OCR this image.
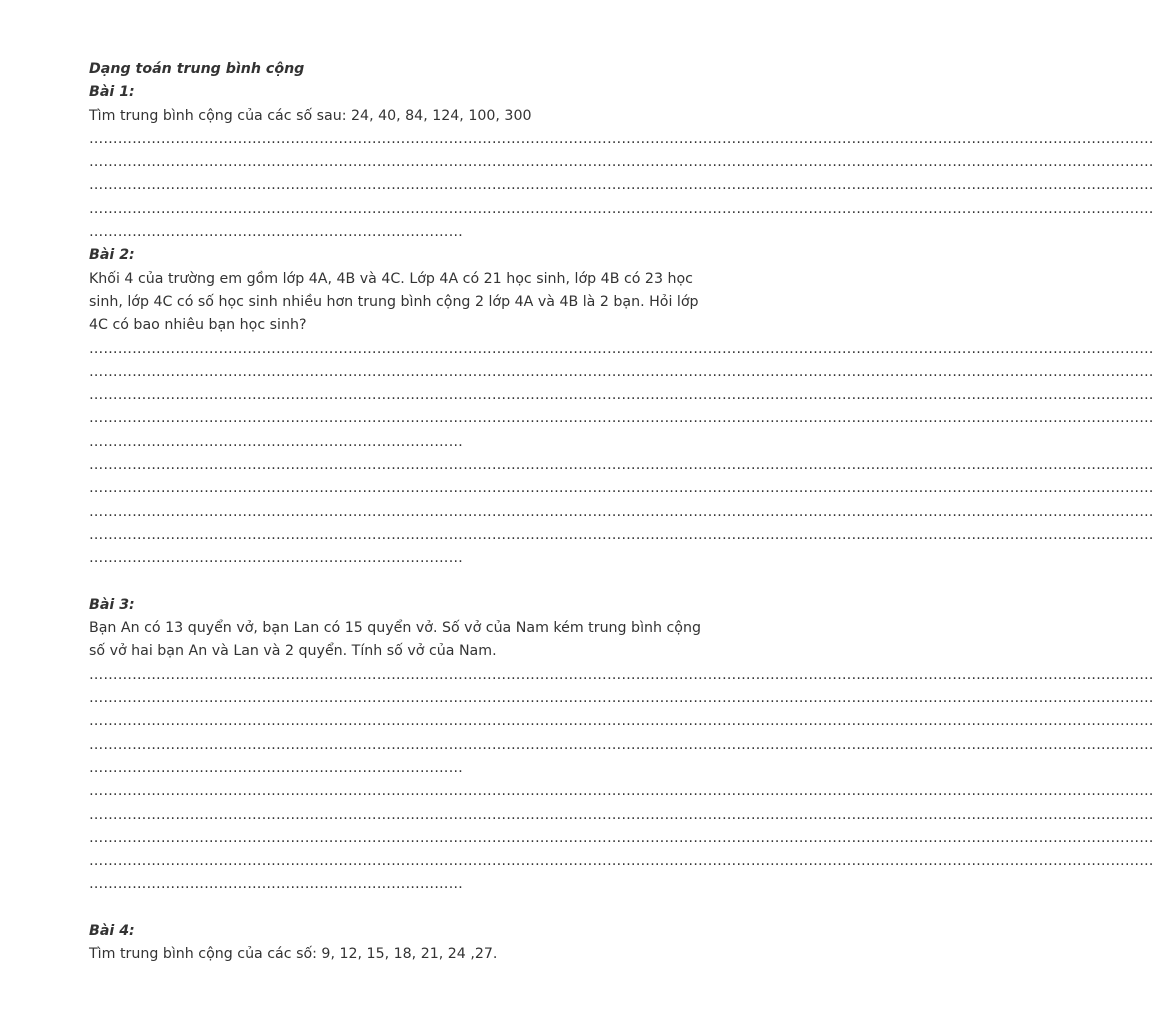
Dạng toán trung bình cộng
Bài 1:
Tìm trung bình cộng của các số sau: 24, 40, 84, 124, 100, 300
……………………………………………………………………………………………………………………………………………………………………………………………………
……………………………………………………………………………………………………………………………………………………………………………………………………
……………………………………………………………………………………………………………………………………………………………………………………………………
……………………………………………………………………………………………………………………………………………………………………………………………………
……………………………………………………………………
Bài 2:
Khối 4 của trường em gồm lớp 4A, 4B và 4C. Lớp 4A có 21 học sinh, lớp 4B có 23 học sinh, lớp 4C có số học sinh nhiều hơn trung bình cộng 2 lớp 4A và 4B là 2 bạn. Hỏi lớp 4C có bao nhiêu bạn học sinh?
……………………………………………………………………………………………………………………………………………………………………………………………………
……………………………………………………………………………………………………………………………………………………………………………………………………
……………………………………………………………………………………………………………………………………………………………………………………………………
……………………………………………………………………………………………………………………………………………………………………………………………………
……………………………………………………………………
……………………………………………………………………………………………………………………………………………………………………………………………………
……………………………………………………………………………………………………………………………………………………………………………………………………
……………………………………………………………………………………………………………………………………………………………………………………………………
……………………………………………………………………………………………………………………………………………………………………………………………………
……………………………………………………………………
Bài 3:
Bạn An có 13 quyển vở, bạn Lan có 15 quyển vở. Số vở của Nam kém trung bình cộng số vở hai bạn An và Lan và 2 quyển. Tính số vở của Nam.
……………………………………………………………………………………………………………………………………………………………………………………………………
……………………………………………………………………………………………………………………………………………………………………………………………………
……………………………………………………………………………………………………………………………………………………………………………………………………
……………………………………………………………………………………………………………………………………………………………………………………………………
……………………………………………………………………
……………………………………………………………………………………………………………………………………………………………………………………………………
……………………………………………………………………………………………………………………………………………………………………………………………………
……………………………………………………………………………………………………………………………………………………………………………………………………
……………………………………………………………………………………………………………………………………………………………………………………………………
……………………………………………………………………
Bài 4:
Tìm trung bình cộng của các số: 9, 12, 15, 18, 21, 24 ,27.
